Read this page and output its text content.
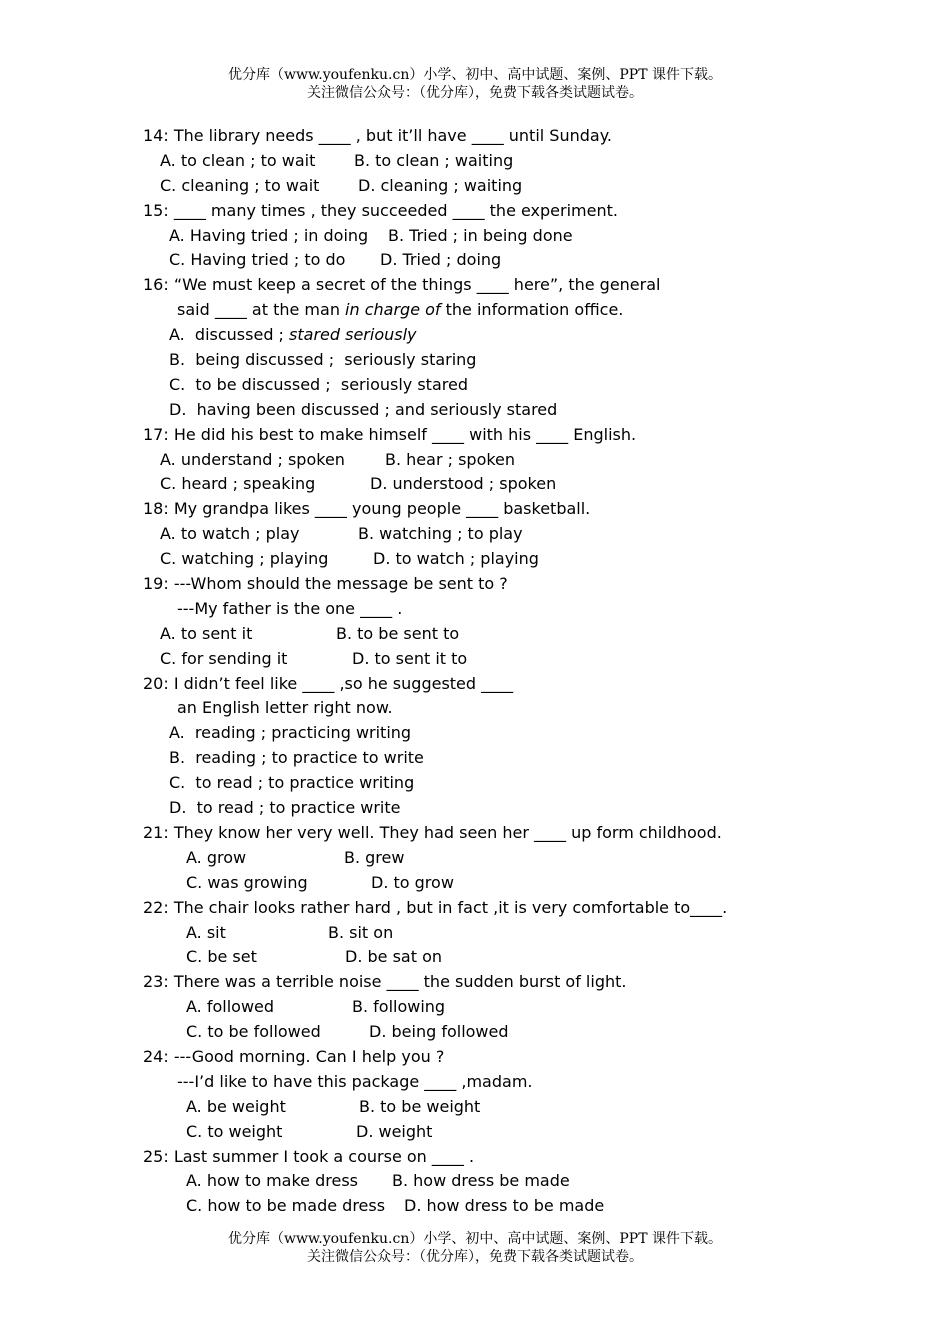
优分库（www.youfenku.cn）小学、初中、高中试题、案例、PPT 课件下载。
关注微信公众号：（优分库），免费下载各类试题试卷。
14: The library needs ____ , but it’ll have ____ until Sunday.

A. to clean ; to wait

B. to clean ; waiting

C. cleaning ; to wait

D. cleaning ; waiting

15: ____ many times , they succeeded ____ the experiment.

A. Having tried ; in doing

B. Tried ; in being done

C. Having tried ; to do

D. Tried ; doing

16: “We must keep a secret of the things ____ here”, the general

said ____ at the man in charge of the information office.

A.  discussed ; stared seriously

B.  being discussed ;  seriously staring
C.  to be discussed ;  seriously stared
D.  having been discussed ; and seriously stared
17: He did his best to make himself ____ with his ____ English.

A. understand ; spoken

	B. hear ; spoken

C. heard ; speaking

	D. understood ; spoken

18: My grandpa likes ____ young people ____ basketball.

A. to watch ; play

	B. watching ; to play

C. watching ; playing

	D. to watch ; playing

19: ---Whom should the message be sent to ?
---My father is the one ____ .

A. to sent it

	B. to be sent to

C. for sending it

	D. to sent it to

20: I didn’t feel like ____ ,so he suggested ____
an English letter right now.
A.  reading ; practicing writing
B.  reading ; to practice to write
C.  to read ; to practice writing
D.  to read ; to practice write
21: They know her very well. They had seen her ____ up form childhood.

A. grow

	B. grew

C. was growing

	D. to grow

22: The chair looks rather hard , but in fact ,it is very comfortable to____.

A. sit

	B. sit on

C. be set

	D. be sat on

23: There was a terrible noise ____ the sudden burst of light.

A. followed

	B. following

C. to be followed

	D. being followed

24: ---Good morning. Can I help you ?
---I’d like to have this package ____ ,madam.

A. be weight

	B. to be weight

C. to weight

	D. weight

25: Last summer I took a course on ____ .

A. how to make dress

B. how dress be made

C. how to be made dress

D. how dress to be made

优分库（www.youfenku.cn）小学、初中、高中试题、案例、PPT 课件下载。
关注微信公众号：（优分库），免费下载各类试题试卷。
